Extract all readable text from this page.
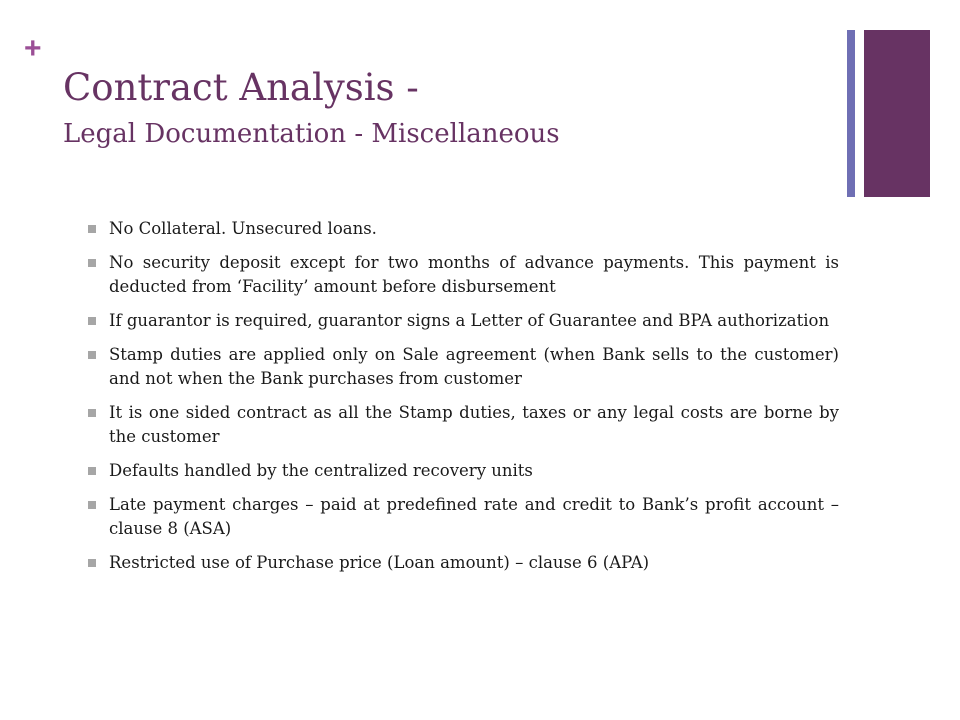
+
Contract Analysis -
Legal Documentation - Miscellaneous
No Collateral. Unsecured loans.
No security deposit except for two months of advance payments. This payment is deducted from ‘Facility’ amount before disbursement
If guarantor is required, guarantor signs a Letter of Guarantee and BPA authorization
Stamp duties are applied only on Sale agreement (when Bank sells to the customer) and not when the Bank purchases from customer
It is one sided contract as all the Stamp duties, taxes or any legal costs are borne by the customer
Defaults handled by the centralized recovery units
Late payment charges – paid at predefined rate and credit to Bank’s profit account – clause 8 (ASA)
Restricted use of Purchase price (Loan amount) – clause 6 (APA)
